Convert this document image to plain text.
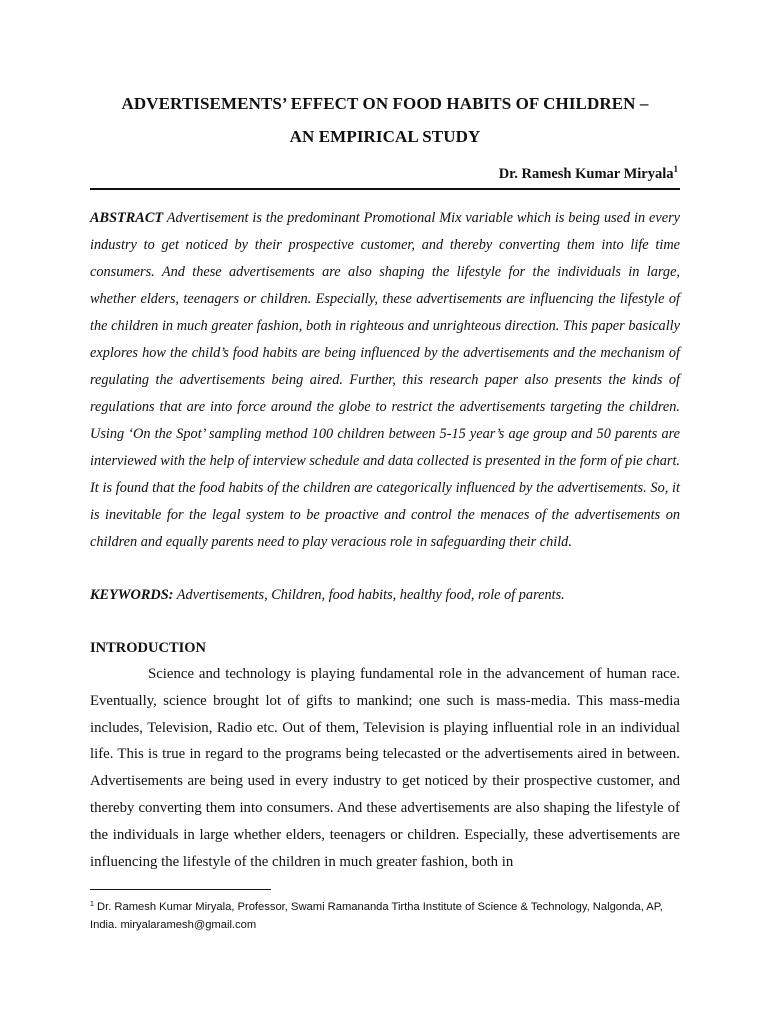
ADVERTISEMENTS’ EFFECT ON FOOD HABITS OF CHILDREN –
AN EMPIRICAL STUDY
Dr. Ramesh Kumar Miryala$^1$
ABSTRACT Advertisement is the predominant Promotional Mix variable which is being used in every industry to get noticed by their prospective customer, and thereby converting them into life time consumers. And these advertisements are also shaping the lifestyle for the individuals in large, whether elders, teenagers or children. Especially, these advertisements are influencing the lifestyle of the children in much greater fashion, both in righteous and unrighteous direction. This paper basically explores how the child’s food habits are being influenced by the advertisements and the mechanism of regulating the advertisements being aired. Further, this research paper also presents the kinds of regulations that are into force around the globe to restrict the advertisements targeting the children. Using ‘On the Spot’ sampling method 100 children between 5-15 year’s age group and 50 parents are interviewed with the help of interview schedule and data collected is presented in the form of pie chart. It is found that the food habits of the children are categorically influenced by the advertisements. So, it is inevitable for the legal system to be proactive and control the menaces of the advertisements on children and equally parents need to play veracious role in safeguarding their child.
KEYWORDS: Advertisements, Children, food habits, healthy food, role of parents.
INTRODUCTION
Science and technology is playing fundamental role in the advancement of human race. Eventually, science brought lot of gifts to mankind; one such is mass-media. This mass-media includes, Television, Radio etc. Out of them, Television is playing influential role in an individual life. This is true in regard to the programs being telecasted or the advertisements aired in between. Advertisements are being used in every industry to get noticed by their prospective customer, and thereby converting them into consumers. And these advertisements are also shaping the lifestyle of the individuals in large whether elders, teenagers or children. Especially, these advertisements are influencing the lifestyle of the children in much greater fashion, both in
$^1$ Dr. Ramesh Kumar Miryala, Professor, Swami Ramananda Tirtha Institute of Science & Technology, Nalgonda, AP, India. miryalaramesh@gmail.com
